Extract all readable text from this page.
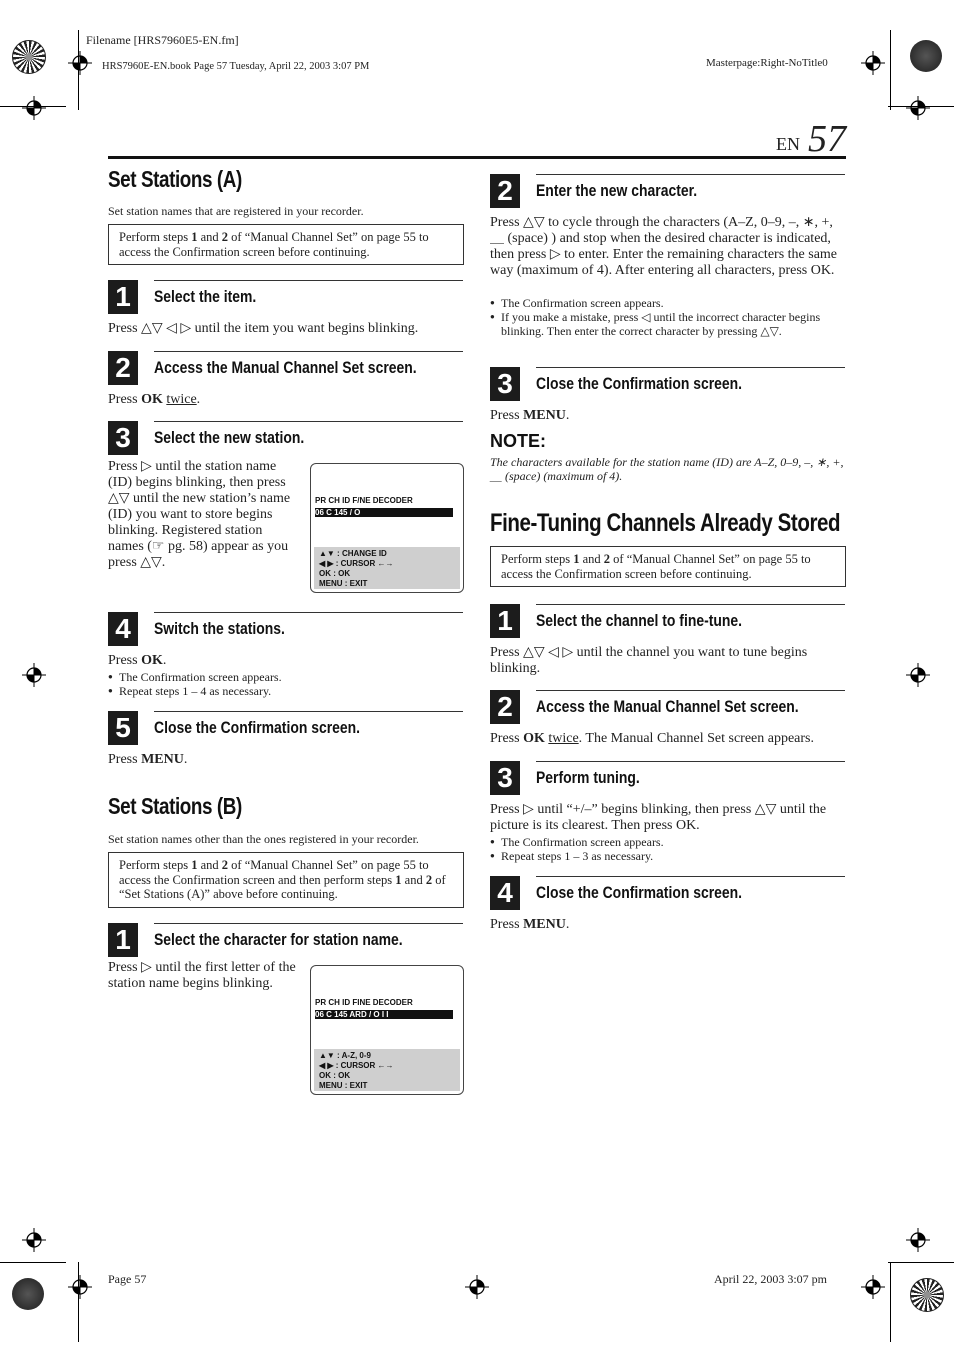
Filename [HRS7960E5-EN.fm]
HRS7960E-EN.book Page 57 Tuesday, April 22, 2003 3:07 PM	Masterpage:Right-NoTitle0
Page 57	April 22, 2003 3:07 pm
EN 57
Set Stations (A)
Set station names that are registered in your recorder.
Perform steps 1 and 2 of “Manual Channel Set” on page 55 to access the Confirmation screen before continuing.
1	Select the item.
Press △▽ ◁ ▷ until the item you want begins blinking.
2	Access the Manual Channel Set screen.
Press OK twice.
3	Select the new station.
Press ▷ until the station name (ID) begins blinking, then press △▽ until the new station’s name (ID) you want to store begins blinking. Registered station names (☞ pg. 58) appear as you press △▽.
PR CH ID F/NE DECODER
06 C 145 / O
▲▼ : CHANGE ID
◀ ▶ : CURSOR ←→
OK : OK
MENU : EXIT
4	Switch the stations.
Press OK.
● The Confirmation screen appears.
● Repeat steps 1 – 4 as necessary.
5	Close the Confirmation screen.
Press MENU.
Set Stations (B)
Set station names other than the ones registered in your recorder.
Perform steps 1 and 2 of “Manual Channel Set” on page 55 to access the Confirmation screen and then perform steps 1 and 2 of “Set Stations (A)” above before continuing.
1	Select the character for station name.
Press ▷ until the first letter of the station name begins blinking.
PR CH ID FINE DECODER
06 C 145 ARD / O I I
▲▼ : A-Z, 0-9
◀ ▶ : CURSOR ←→
OK : OK
MENU : EXIT
2	Enter the new character.
Press △▽ to cycle through the characters (A–Z, 0–9, –, ∗, +, ＿ (space) ) and stop when the desired character is indicated, then press ▷ to enter. Enter the remaining characters the same way (maximum of 4). After entering all characters, press OK.
● The Confirmation screen appears.
● If you make a mistake, press ◁ until the incorrect character begins blinking. Then enter the correct character by pressing △▽.
3	Close the Confirmation screen.
Press MENU.
NOTE:
The characters available for the station name (ID) are A–Z, 0–9, –, ∗, +, ＿ (space) (maximum of 4).
Fine-Tuning Channels Already Stored
Perform steps 1 and 2 of “Manual Channel Set” on page 55 to access the Confirmation screen before continuing.
1	Select the channel to fine-tune.
Press △▽ ◁ ▷ until the channel you want to tune begins blinking.
2	Access the Manual Channel Set screen.
Press OK twice. The Manual Channel Set screen appears.
3	Perform tuning.
Press ▷ until “+/–” begins blinking, then press △▽ until the picture is its clearest. Then press OK.
● The Confirmation screen appears.
● Repeat steps 1 – 3 as necessary.
4	Close the Confirmation screen.
Press MENU.
